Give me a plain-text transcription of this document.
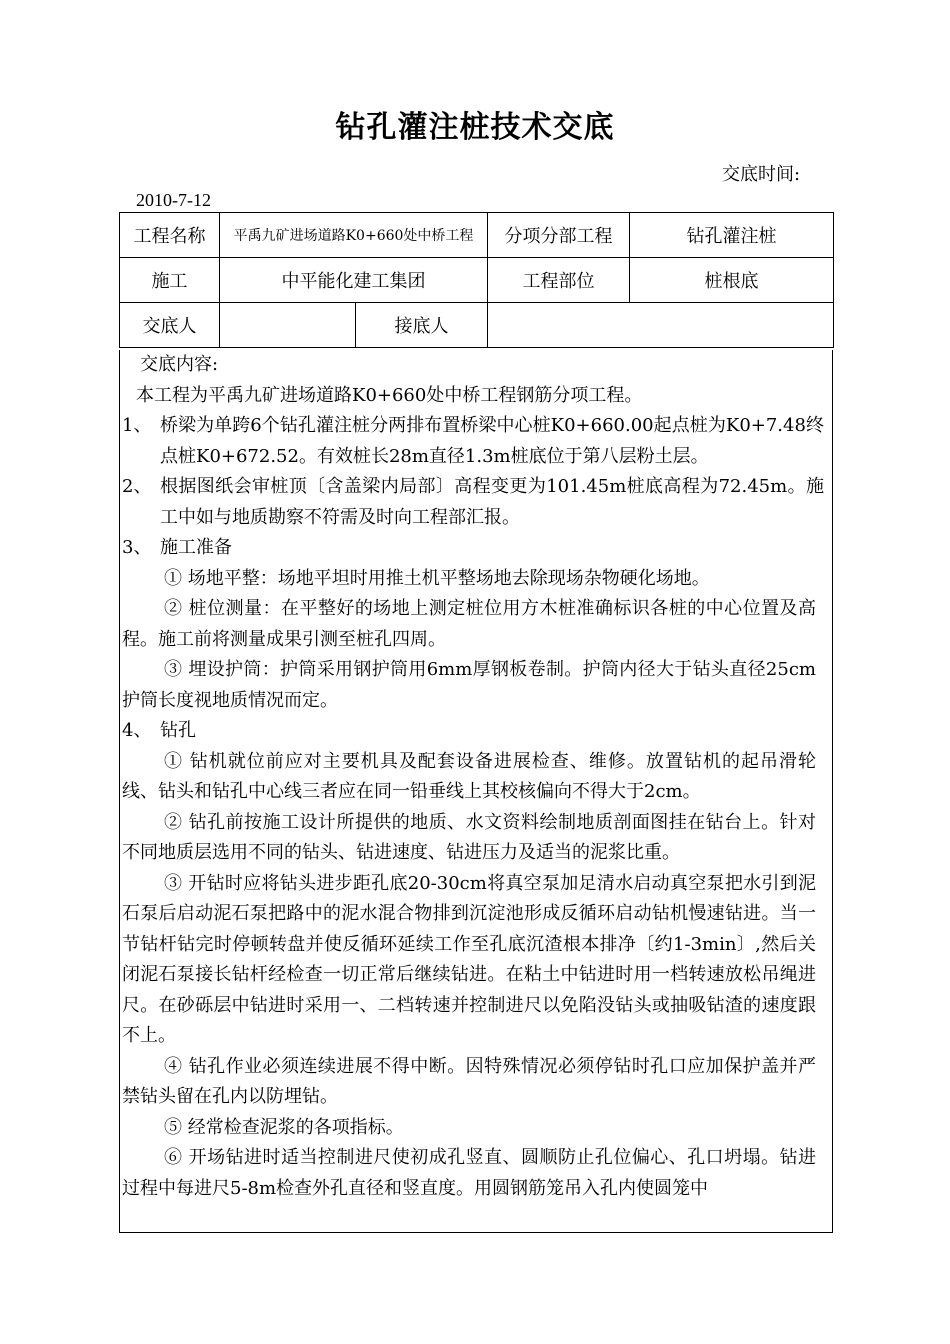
钻孔灌注桩技术交底
交底时间:
2010-7-12
工程名称	平禹九矿进场道路K0+660处中桥工程		分项分部工程	钻孔灌注桩
施工	中平能化建工集团		工程部位	桩根底
交底人		接底人		

交底内容:

本工程为平禹九矿进场道路K0+660处中桥工程钢筋分项工程。

1、 桥梁为单跨6个钻孔灌注桩分两排布置桥梁中心桩K0+660.00起点桩为K0+7.48终点桩K0+672.52。有效桩长28m直径1.3m桩底位于第八层粉土层。
2、 根据图纸会审桩顶〔含盖梁内局部〕高程变更为101.45m桩底高程为72.45m。施工中如与地质勘察不符需及时向工程部汇报。
3、 施工准备

① 场地平整：场地平坦时用推土机平整场地去除现场杂物硬化场地。

② 桩位测量：在平整好的场地上测定桩位用方木桩准确标识各桩的中心位置及高程。施工前将测量成果引测至桩孔四周。

③ 埋设护筒：护筒采用钢护筒用6mm厚钢板卷制。护筒内径大于钻头直径25cm护筒长度视地质情况而定。

4、 钻孔

① 钻机就位前应对主要机具及配套设备进展检查、维修。放置钻机的起吊滑轮线、钻头和钻孔中心线三者应在同一铅垂线上其校核偏向不得大于2cm。

② 钻孔前按施工设计所提供的地质、水文资料绘制地质剖面图挂在钻台上。针对不同地质层选用不同的钻头、钻进速度、钻进压力及适当的泥浆比重。

③ 开钻时应将钻头进步距孔底20-30cm将真空泵加足清水启动真空泵把水引到泥石泵后启动泥石泵把路中的泥水混合物排到沉淀池形成反循环启动钻机慢速钻进。当一节钻杆钻完时停顿转盘并使反循环延续工作至孔底沉渣根本排净〔约1-3min〕,然后关闭泥石泵接长钻杆经检查一切正常后继续钻进。在粘土中钻进时用一档转速放松吊绳进尺。在砂砾层中钻进时采用一、二档转速并控制进尺以免陷没钻头或抽吸钻渣的速度跟不上。

④ 钻孔作业必须连续进展不得中断。因特殊情况必须停钻时孔口应加保护盖并严禁钻头留在孔内以防埋钻。

⑤ 经常检查泥浆的各项指标。

⑥ 开场钻进时适当控制进尺使初成孔竖直、圆顺防止孔位偏心、孔口坍塌。钻进过程中每进尺5-8m检查外孔直径和竖直度。用圆钢筋笼吊入孔内使圆笼中
